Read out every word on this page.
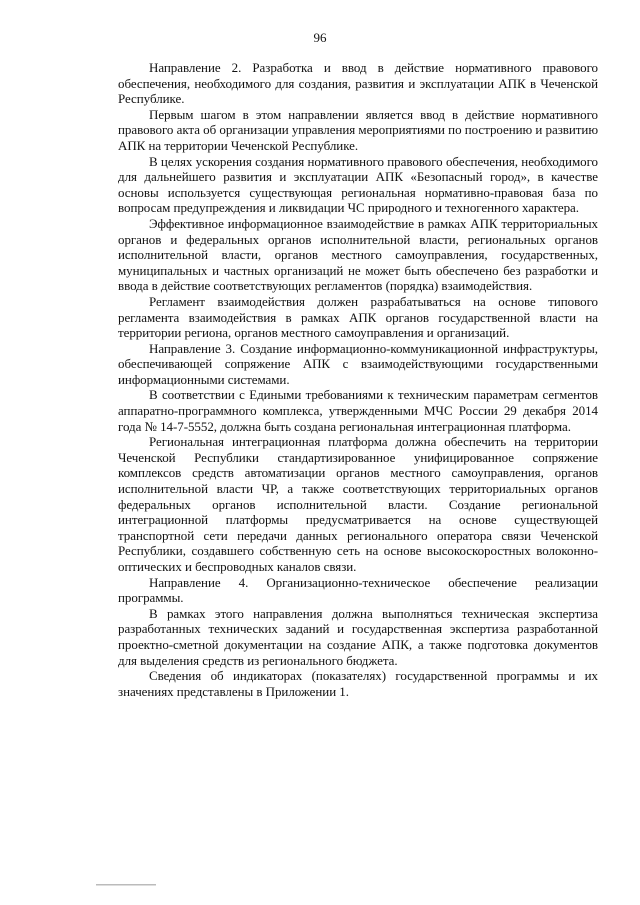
96

Направление 2. Разработка и ввод в действие нормативного правового обеспечения, необходимого для создания, развития и эксплуатации АПК в Чеченской Республике.

Первым шагом в этом направлении является ввод в действие нормативного правового акта об организации управления мероприятиями по построению и развитию АПК на территории Чеченской Республике.

В целях ускорения создания нормативного правового обеспечения, необходимого для дальнейшего развития и эксплуатации АПК «Безопасный город», в качестве основы используется существующая региональная нормативно-правовая база по вопросам предупреждения и ликвидации ЧС природного и техногенного характера.

Эффективное информационное взаимодействие в рамках АПК территориальных органов и федеральных органов исполнительной власти, региональных органов исполнительной власти, органов местного самоуправления, государственных, муниципальных и частных организаций не может быть обеспечено без разработки и ввода в действие соответствующих регламентов (порядка) взаимодействия.

Регламент взаимодействия должен разрабатываться на основе типового регламента взаимодействия в рамках АПК органов государственной власти на территории региона, органов местного самоуправления и организаций.

Направление 3. Создание информационно-коммуникационной инфраструктуры, обеспечивающей сопряжение АПК с взаимодействующими государственными информационными системами.

В соответствии с Едиными требованиями к техническим параметрам сегментов аппаратно-программного комплекса, утвержденными МЧС России 29 декабря 2014 года № 14-7-5552, должна быть создана региональная интеграционная платформа.

Региональная интеграционная платформа должна обеспечить на территории Чеченской Республики стандартизированное унифицированное сопряжение комплексов средств автоматизации органов местного самоуправления, органов исполнительной власти ЧР, а также соответствующих территориальных органов федеральных органов исполнительной власти. Создание региональной интеграционной платформы предусматривается на основе существующей транспортной сети передачи данных регионального оператора связи Чеченской Республики, создавшего собственную сеть на основе высокоскоростных волоконно-оптических и беспроводных каналов связи.

Направление 4. Организационно-техническое обеспечение реализации программы.

В рамках этого направления должна выполняться техническая экспертиза разработанных технических заданий и государственная экспертиза разработанной проектно-сметной документации на создание АПК, а также подготовка документов для выделения средств из регионального бюджета.

Сведения об индикаторах (показателях) государственной программы и их значениях представлены в Приложении 1.
